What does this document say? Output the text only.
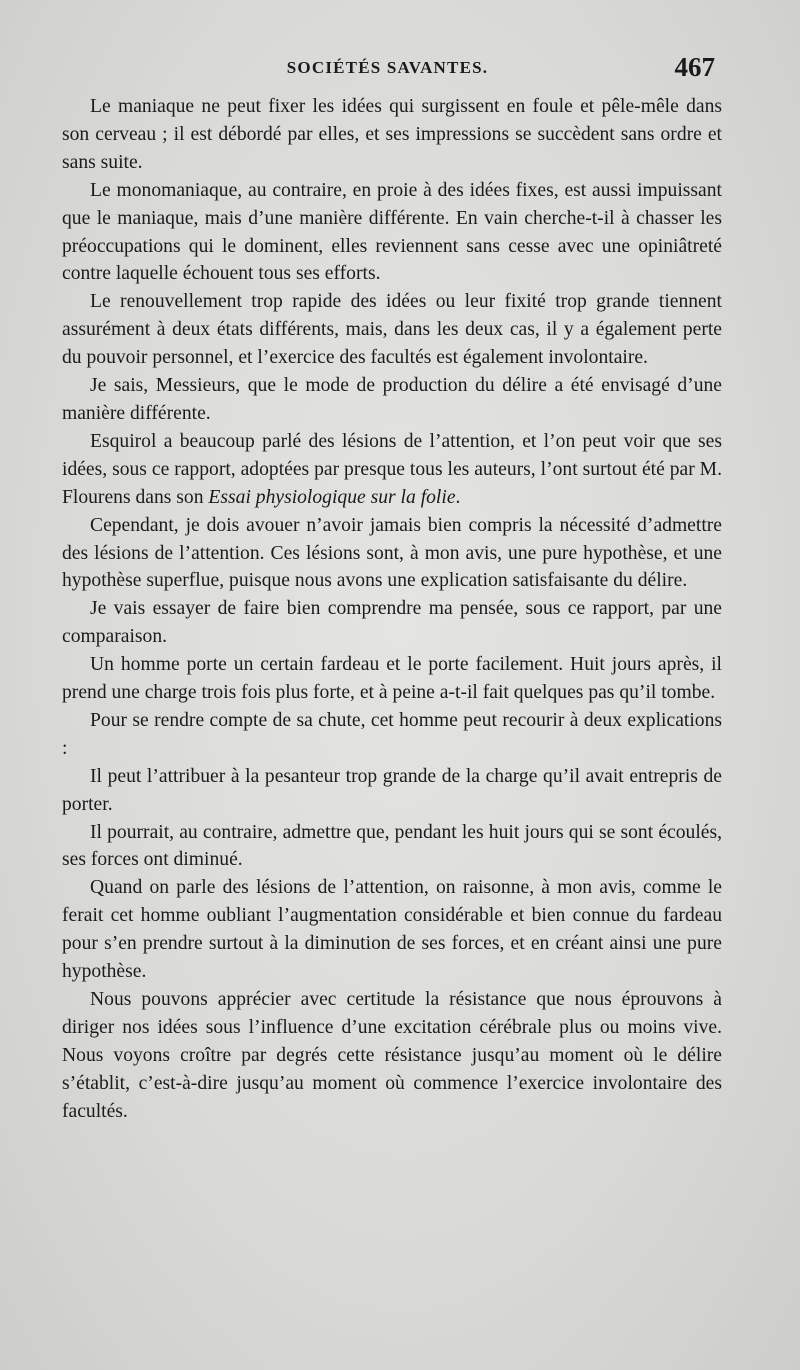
SOCIÉTÉS SAVANTES.	467

Le maniaque ne peut fixer les idées qui surgissent en foule et pêle-mêle dans son cerveau ; il est débordé par elles, et ses impressions se succèdent sans ordre et sans suite.

Le monomaniaque, au contraire, en proie à des idées fixes, est aussi impuissant que le maniaque, mais d’une manière différente. En vain cherche-t-il à chasser les préoccupations qui le dominent, elles reviennent sans cesse avec une opiniâtreté contre laquelle échouent tous ses efforts.

Le renouvellement trop rapide des idées ou leur fixité trop grande tiennent assurément à deux états différents, mais, dans les deux cas, il y a également perte du pouvoir personnel, et l’exercice des facultés est également involontaire.

Je sais, Messieurs, que le mode de production du délire a été envisagé d’une manière différente.

Esquirol a beaucoup parlé des lésions de l’attention, et l’on peut voir que ses idées, sous ce rapport, adoptées par presque tous les auteurs, l’ont surtout été par M. Flourens dans son Essai physiologique sur la folie.

Cependant, je dois avouer n’avoir jamais bien compris la nécessité d’admettre des lésions de l’attention. Ces lésions sont, à mon avis, une pure hypothèse, et une hypothèse superflue, puisque nous avons une explication satisfaisante du délire.

Je vais essayer de faire bien comprendre ma pensée, sous ce rapport, par une comparaison.

Un homme porte un certain fardeau et le porte facilement. Huit jours après, il prend une charge trois fois plus forte, et à peine a-t-il fait quelques pas qu’il tombe.

Pour se rendre compte de sa chute, cet homme peut recourir à deux explications :

Il peut l’attribuer à la pesanteur trop grande de la charge qu’il avait entrepris de porter.

Il pourrait, au contraire, admettre que, pendant les huit jours qui se sont écoulés, ses forces ont diminué.

Quand on parle des lésions de l’attention, on raisonne, à mon avis, comme le ferait cet homme oubliant l’augmentation considérable et bien connue du fardeau pour s’en prendre surtout à la diminution de ses forces, et en créant ainsi une pure hypothèse.

Nous pouvons apprécier avec certitude la résistance que nous éprouvons à diriger nos idées sous l’influence d’une excitation cérébrale plus ou moins vive. Nous voyons croître par degrés cette résistance jusqu’au moment où le délire s’établit, c’est-à-dire jusqu’au moment où commence l’exercice involontaire des facultés.
